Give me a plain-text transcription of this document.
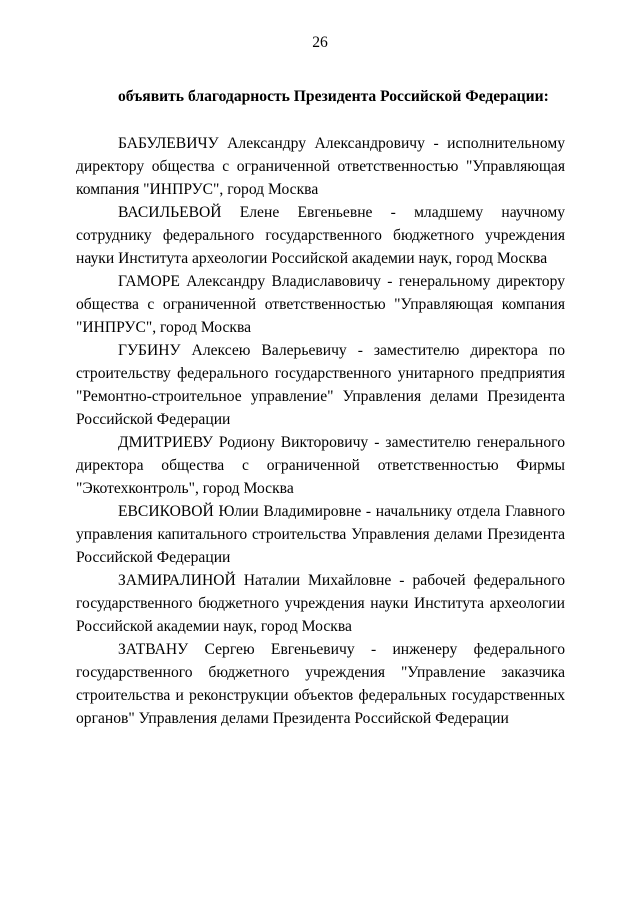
26
объявить благодарность Президента Российской Федерации:

БАБУЛЕВИЧУ Александру Александровичу - исполнительному директору общества с ограниченной ответственностью "Управляющая компания "ИНПРУС", город Москва

ВАСИЛЬЕВОЙ Елене Евгеньевне - младшему научному сотруднику федерального государственного бюджетного учреждения науки Института археологии Российской академии наук, город Москва

ГАМОРЕ Александру Владиславовичу - генеральному директору общества с ограниченной ответственностью "Управляющая компания "ИНПРУС", город Москва

ГУБИНУ Алексею Валерьевичу - заместителю директора по строительству федерального государственного унитарного предприятия "Ремонтно-строительное управление" Управления делами Президента Российской Федерации

ДМИТРИЕВУ Родиону Викторовичу - заместителю генерального директора общества с ограниченной ответственностью Фирмы "Экотехконтроль", город Москва

ЕВСИКОВОЙ Юлии Владимировне - начальнику отдела Главного управления капитального строительства Управления делами Президента Российской Федерации

ЗАМИРАЛИНОЙ Наталии Михайловне - рабочей федерального государственного бюджетного учреждения науки Института археологии Российской академии наук, город Москва

ЗАТВАНУ Сергею Евгеньевичу - инженеру федерального государственного бюджетного учреждения "Управление заказчика строительства и реконструкции объектов федеральных государственных органов" Управления делами Президента Российской Федерации
